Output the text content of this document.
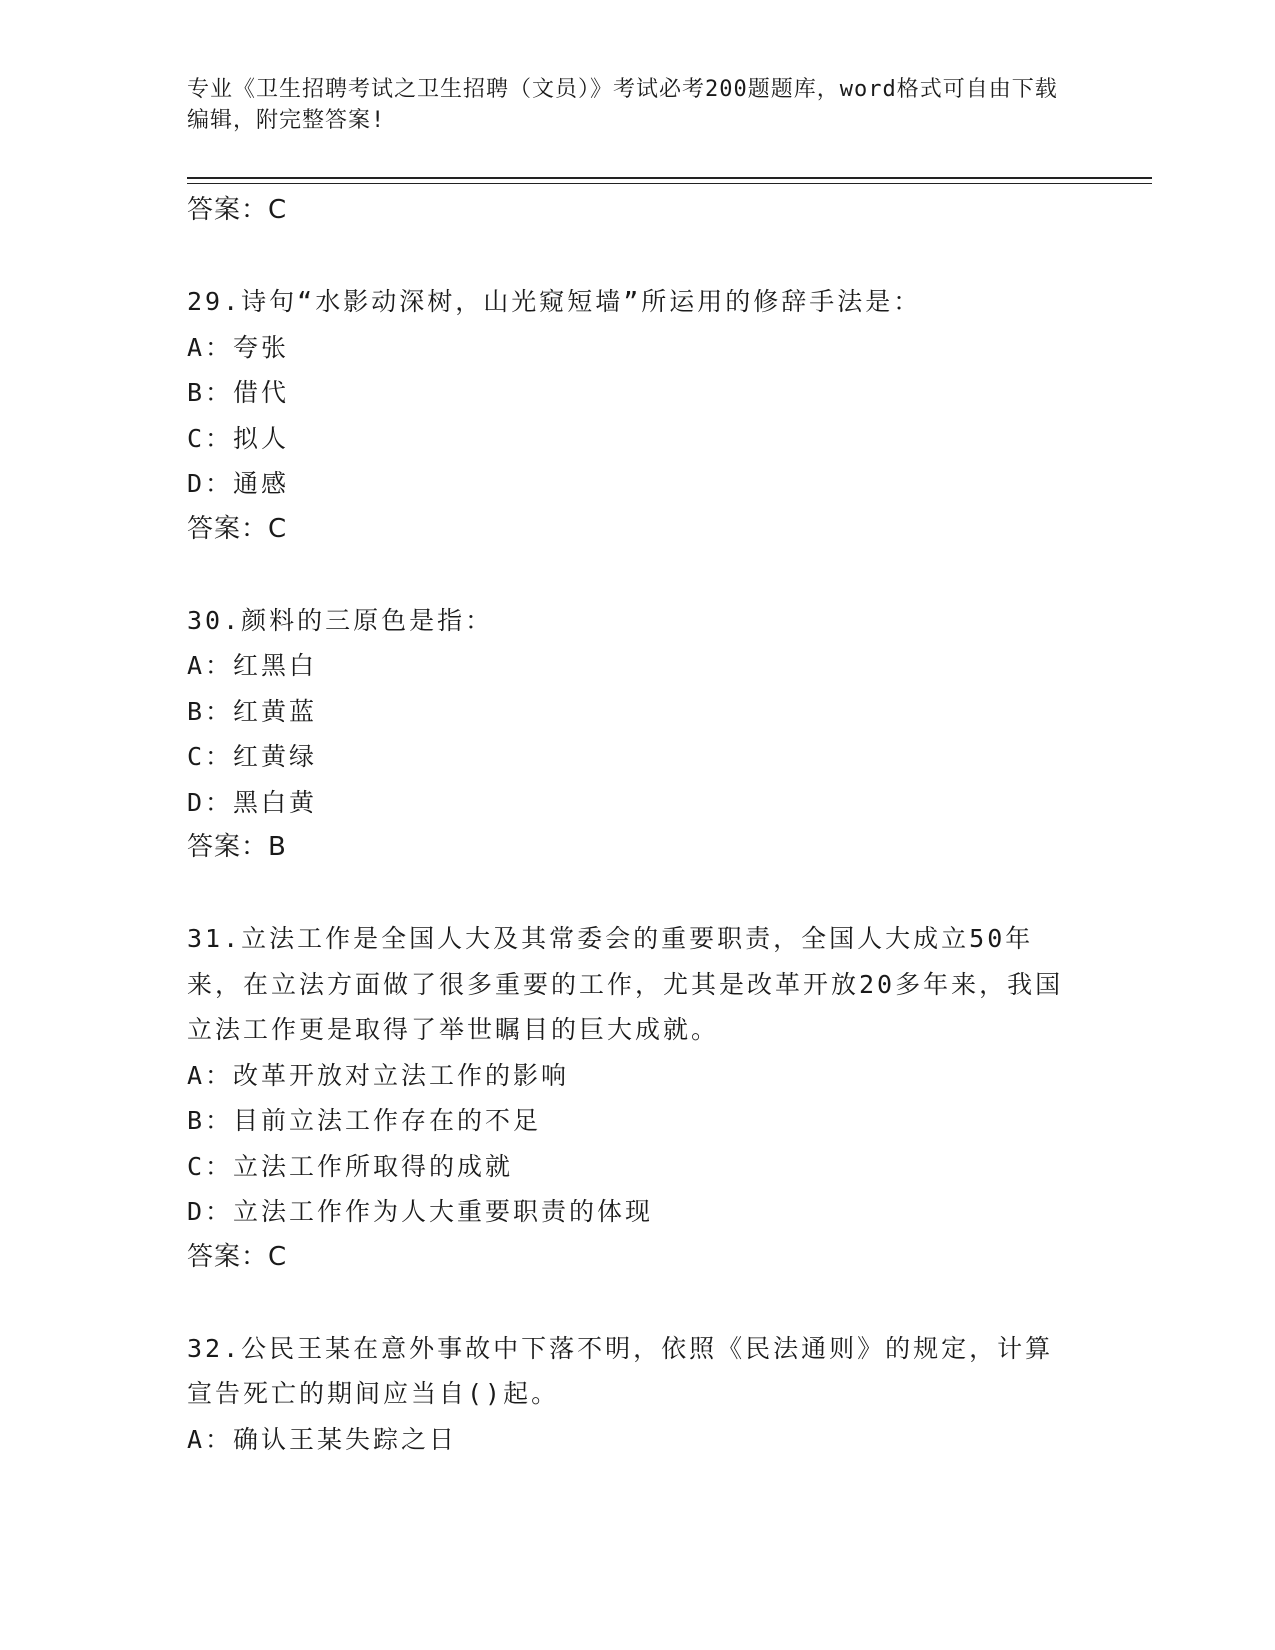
专业《卫生招聘考试之卫生招聘（文员）》考试必考200题题库，word格式可自由下载编辑，附完整答案!
答案：C
29.诗句“水影动深树，山光窥短墙”所运用的修辞手法是：
A：夸张
B：借代
C：拟人
D：通感
答案：C
30.颜料的三原色是指：
A：红黑白
B：红黄蓝
C：红黄绿
D：黑白黄
答案：B
31.立法工作是全国人大及其常委会的重要职责，全国人大成立50年来，在立法方面做了很多重要的工作，尤其是改革开放20多年来，我国立法工作更是取得了举世瞩目的巨大成就。
A：改革开放对立法工作的影响
B：目前立法工作存在的不足
C：立法工作所取得的成就
D：立法工作作为人大重要职责的体现
答案：C
32.公民王某在意外事故中下落不明，依照《民法通则》的规定，计算宣告死亡的期间应当自()起。
A：确认王某失踪之日
